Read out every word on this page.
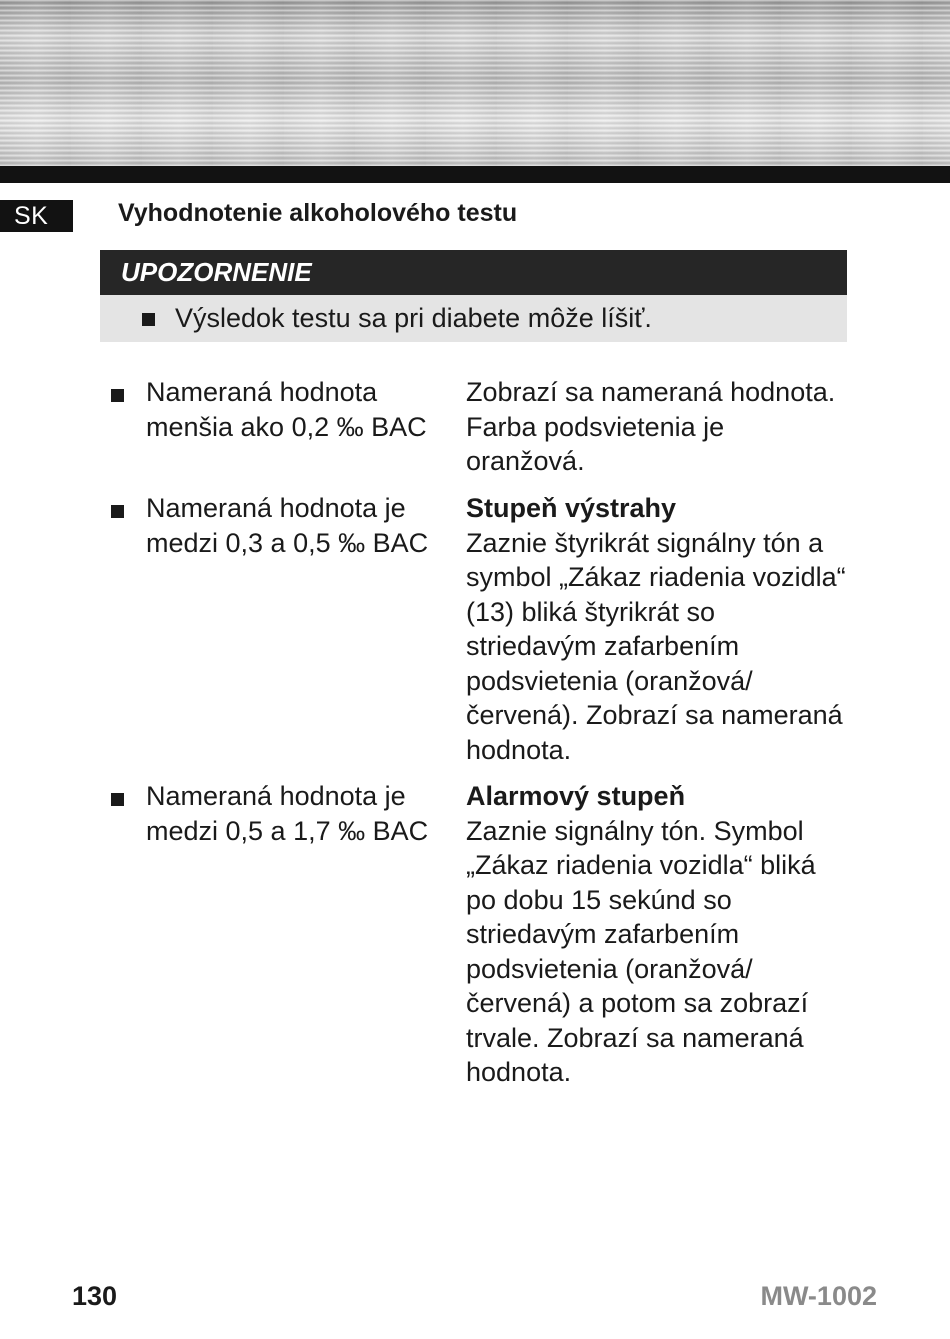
SK	Vyhodnotenie alkoholového testu
UPOZORNENIE
Výsledok testu sa pri diabete môže líšiť.
Nameraná hodnota menšia ako 0,2 ‰ BAC
Zobrazí sa nameraná hodnota. Farba podsvietenia je oranžová.
Nameraná hodnota je medzi 0,3 a 0,5 ‰ BAC
Stupeň výstrahy
Zaznie štyrikrát signálny tón a symbol „Zákaz riadenia vozidla“ (13) bliká štyrikrát so striedavým zafarbením podsvietenia (oranžová/ červená). Zobrazí sa nameraná hodnota.
Nameraná hodnota je medzi 0,5 a 1,7 ‰ BAC
Alarmový stupeň
Zaznie signálny tón. Symbol „Zákaz riadenia vozidla“ bliká po dobu 15 sekúnd so striedavým zafarbením podsvietenia (oranžová/ červená) a potom sa zobrazí trvale. Zobrazí sa nameraná hodnota.
130	MW-1002
